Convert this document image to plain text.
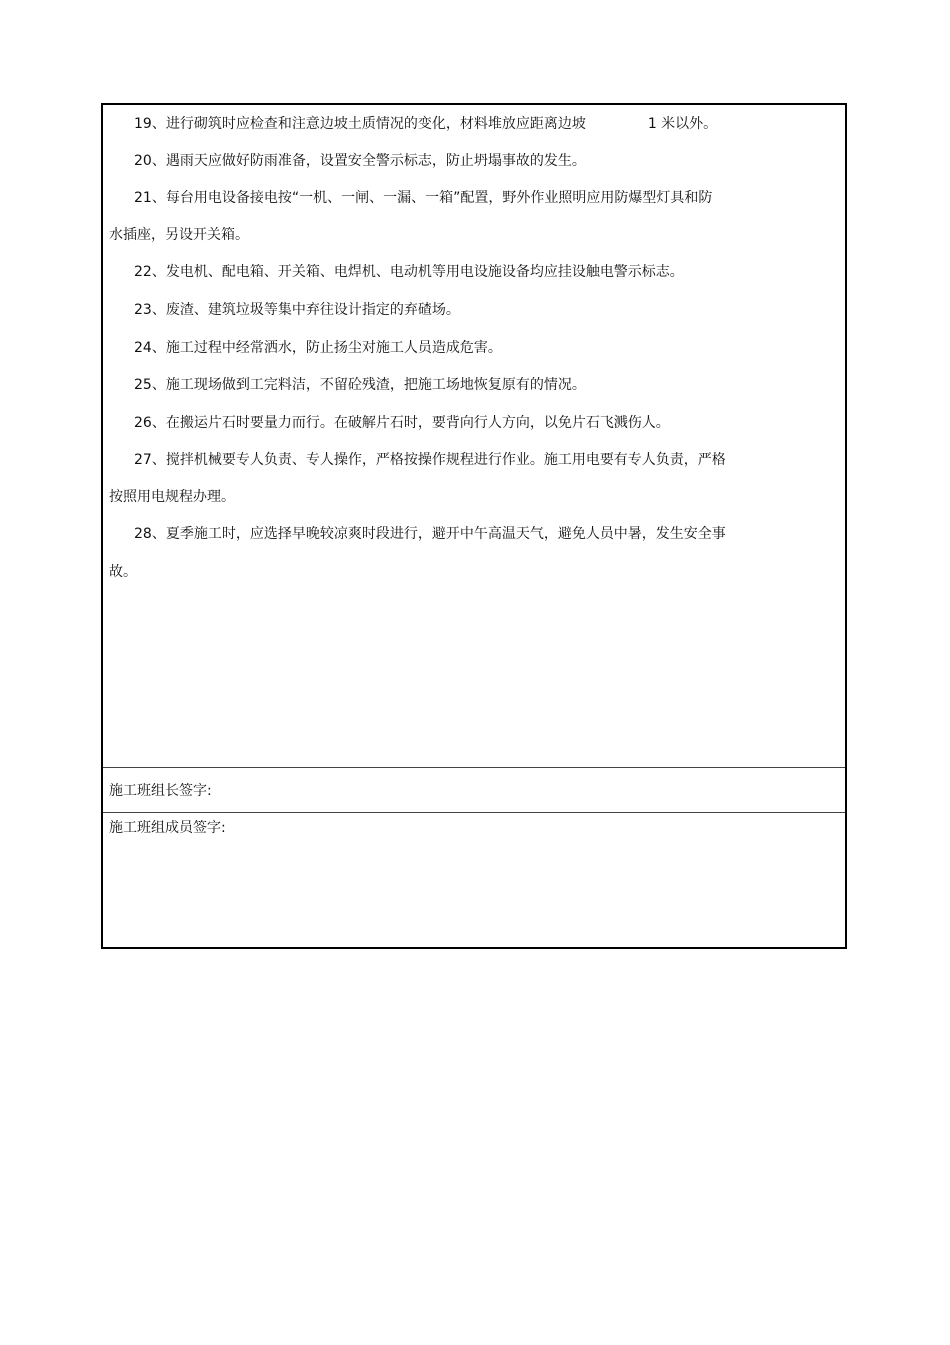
19、进行砌筑时应检查和注意边坡土质情况的变化，材料堆放应距离边坡	1 米以外。
20、遇雨天应做好防雨准备，设置安全警示标志，防止坍塌事故的发生。
21、每台用电设备接电按“一机、一闸、一漏、一箱”配置，野外作业照明应用防爆型灯具和防
水插座，另设开关箱。
22、发电机、配电箱、开关箱、电焊机、电动机等用电设施设备均应挂设触电警示标志。
23、废渣、建筑垃圾等集中弃往设计指定的弃碴场。
24、施工过程中经常洒水，防止扬尘对施工人员造成危害。
25、施工现场做到工完料洁，不留砼残渣，把施工场地恢复原有的情况。
26、在搬运片石时要量力而行。在破解片石时，要背向行人方向，以免片石飞溅伤人。
27、搅拌机械要专人负责、专人操作，严格按操作规程进行作业。施工用电要有专人负责，严格
按照用电规程办理。
28、夏季施工时，应选择早晚较凉爽时段进行，避开中午高温天气，避免人员中暑，发生安全事
故。
施工班组长签字:
施工班组成员签字:
